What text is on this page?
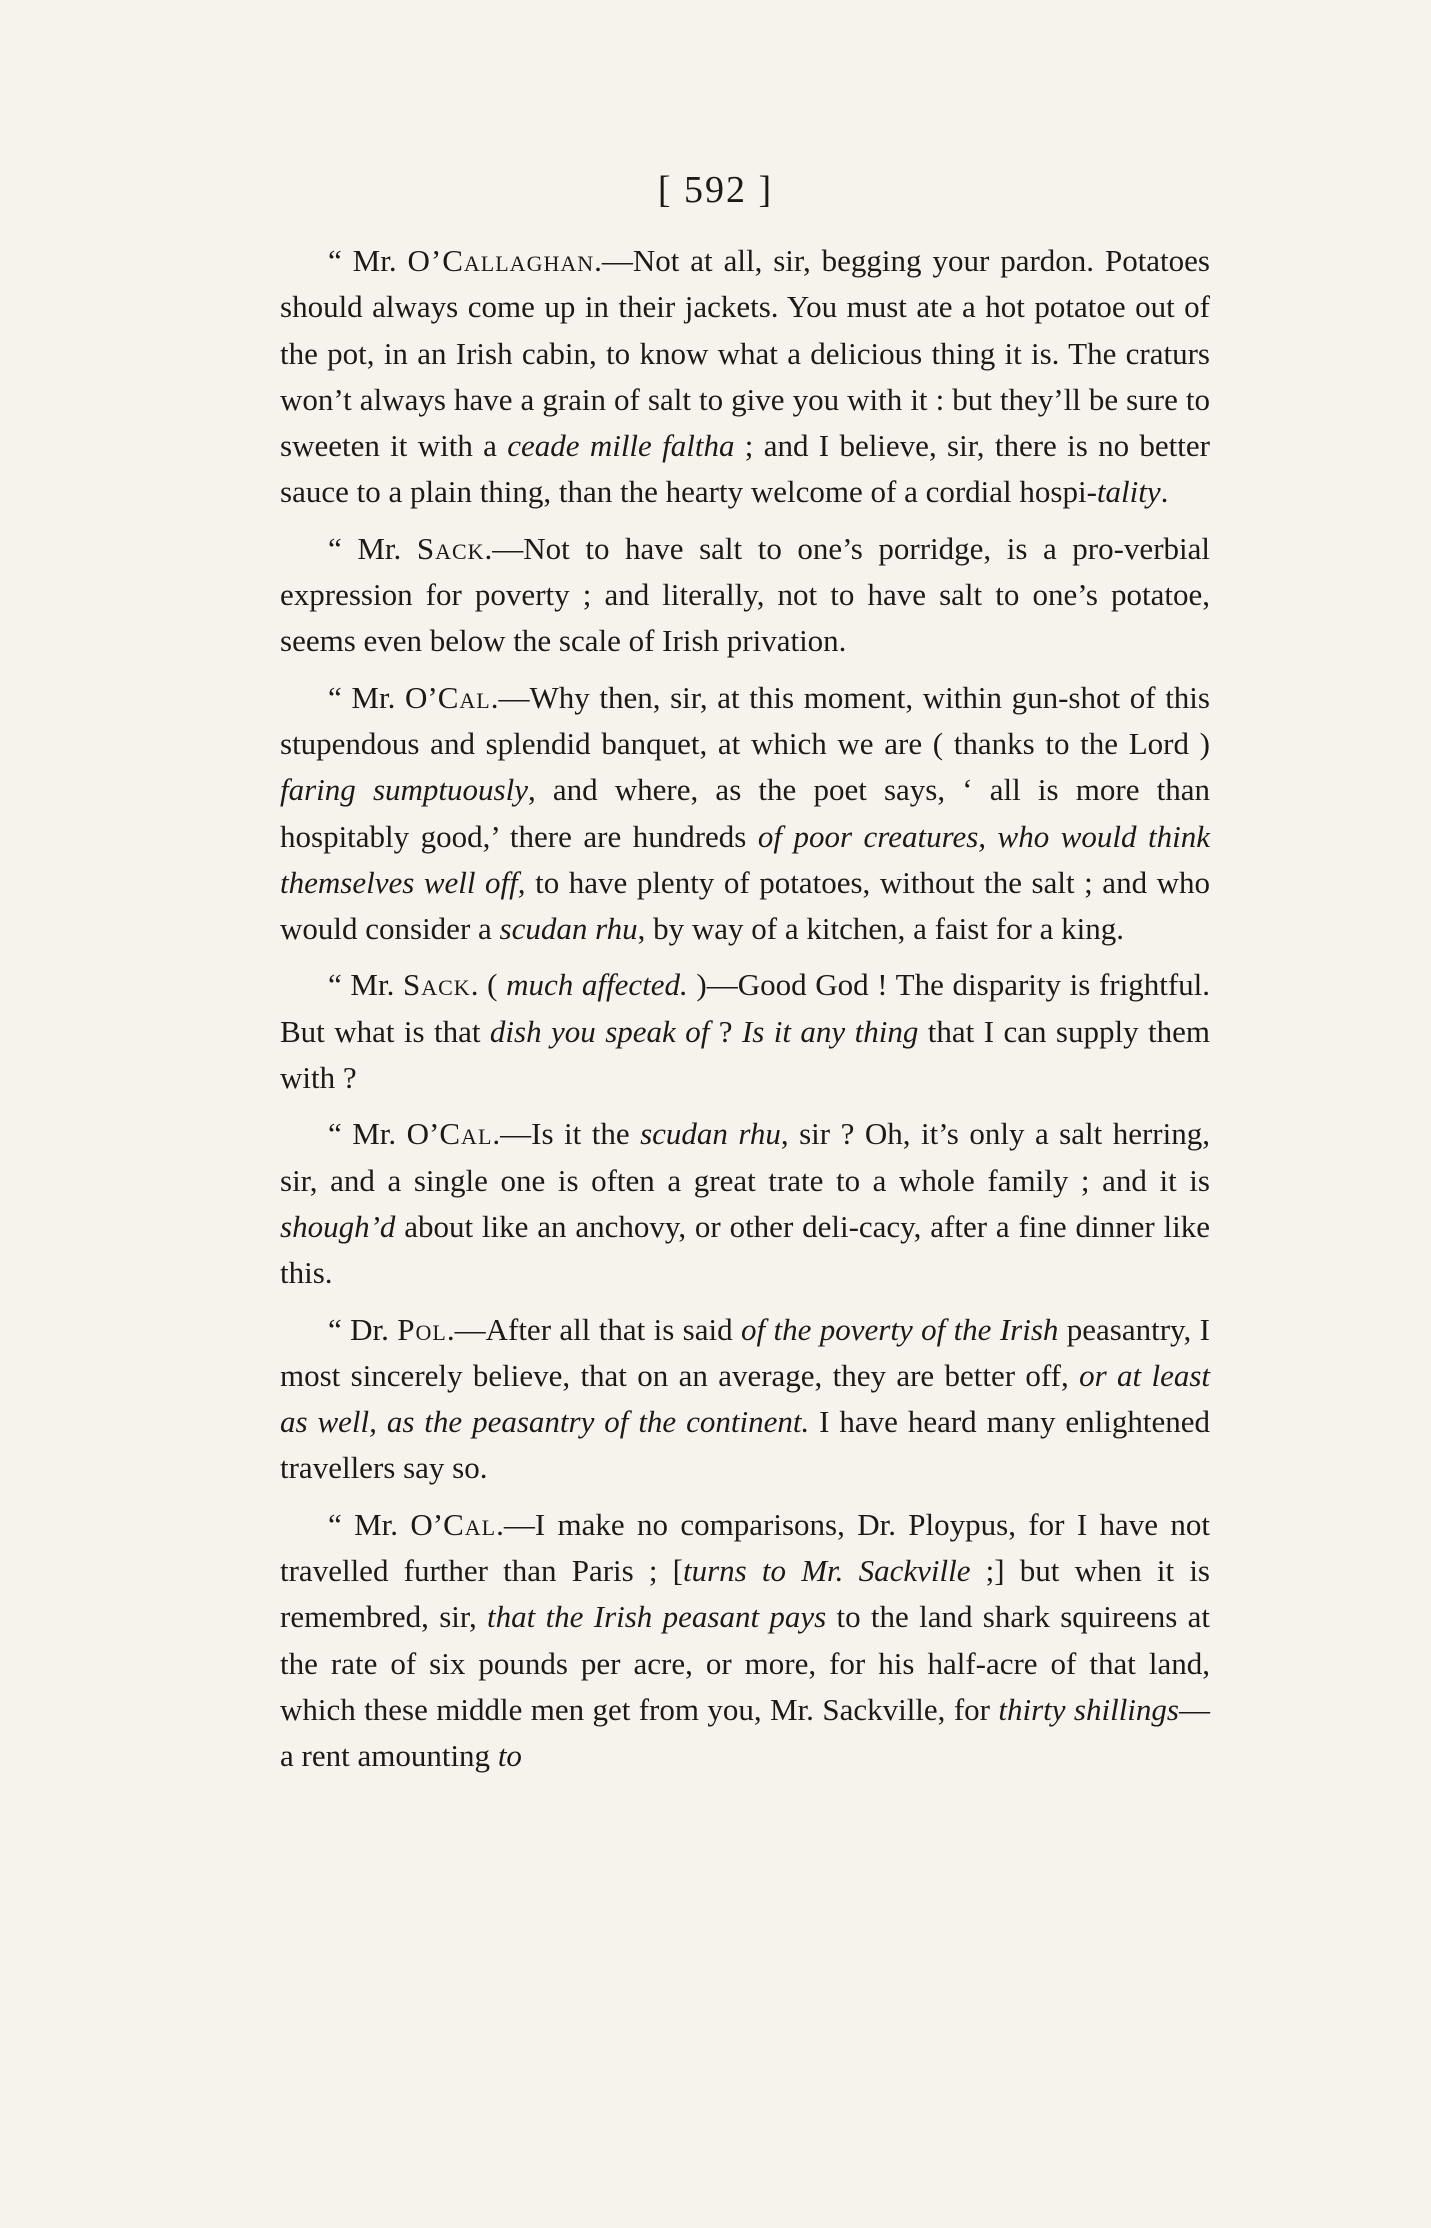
[ 592 ]

“ Mr. O’Callaghan.—Not at all, sir, begging your pardon. Potatoes should always come up in their jackets. You must ate a hot potatoe out of the pot, in an Irish cabin, to know what a delicious thing it is. The craturs won’t always have a grain of salt to give you with it : but they’ll be sure to sweeten it with a ceade mille faltha ; and I believe, sir, there is no better sauce to a plain thing, than the hearty welcome of a cordial hospi-tality.

“ Mr. Sack.—Not to have salt to one’s porridge, is a pro-verbial expression for poverty ; and literally, not to have salt to one’s potatoe, seems even below the scale of Irish privation.

“ Mr. O’Cal.—Why then, sir, at this moment, within gun-shot of this stupendous and splendid banquet, at which we are ( thanks to the Lord ) faring sumptuously, and where, as the poet says, ‘ all is more than hospitably good,’ there are hundreds of poor creatures, who would think themselves well off, to have plenty of potatoes, without the salt ; and who would consider a scudan rhu, by way of a kitchen, a faist for a king.

“ Mr. Sack. ( much affected. )—Good God ! The disparity is frightful. But what is that dish you speak of ? Is it any thing that I can supply them with ?

“ Mr. O’Cal.—Is it the scudan rhu, sir ? Oh, it’s only a salt herring, sir, and a single one is often a great trate to a whole family ; and it is shough’d about like an anchovy, or other deli-cacy, after a fine dinner like this.

“ Dr. Pol.—After all that is said of the poverty of the Irish peasantry, I most sincerely believe, that on an average, they are better off, or at least as well, as the peasantry of the continent. I have heard many enlightened travellers say so.

“ Mr. O’Cal.—I make no comparisons, Dr. Ploypus, for I have not travelled further than Paris ; [turns to Mr. Sackville ;] but when it is remembred, sir, that the Irish peasant pays to the land shark squireens at the rate of six pounds per acre, or more, for his half-acre of that land, which these middle men get from you, Mr. Sackville, for thirty shillings—a rent amounting to
